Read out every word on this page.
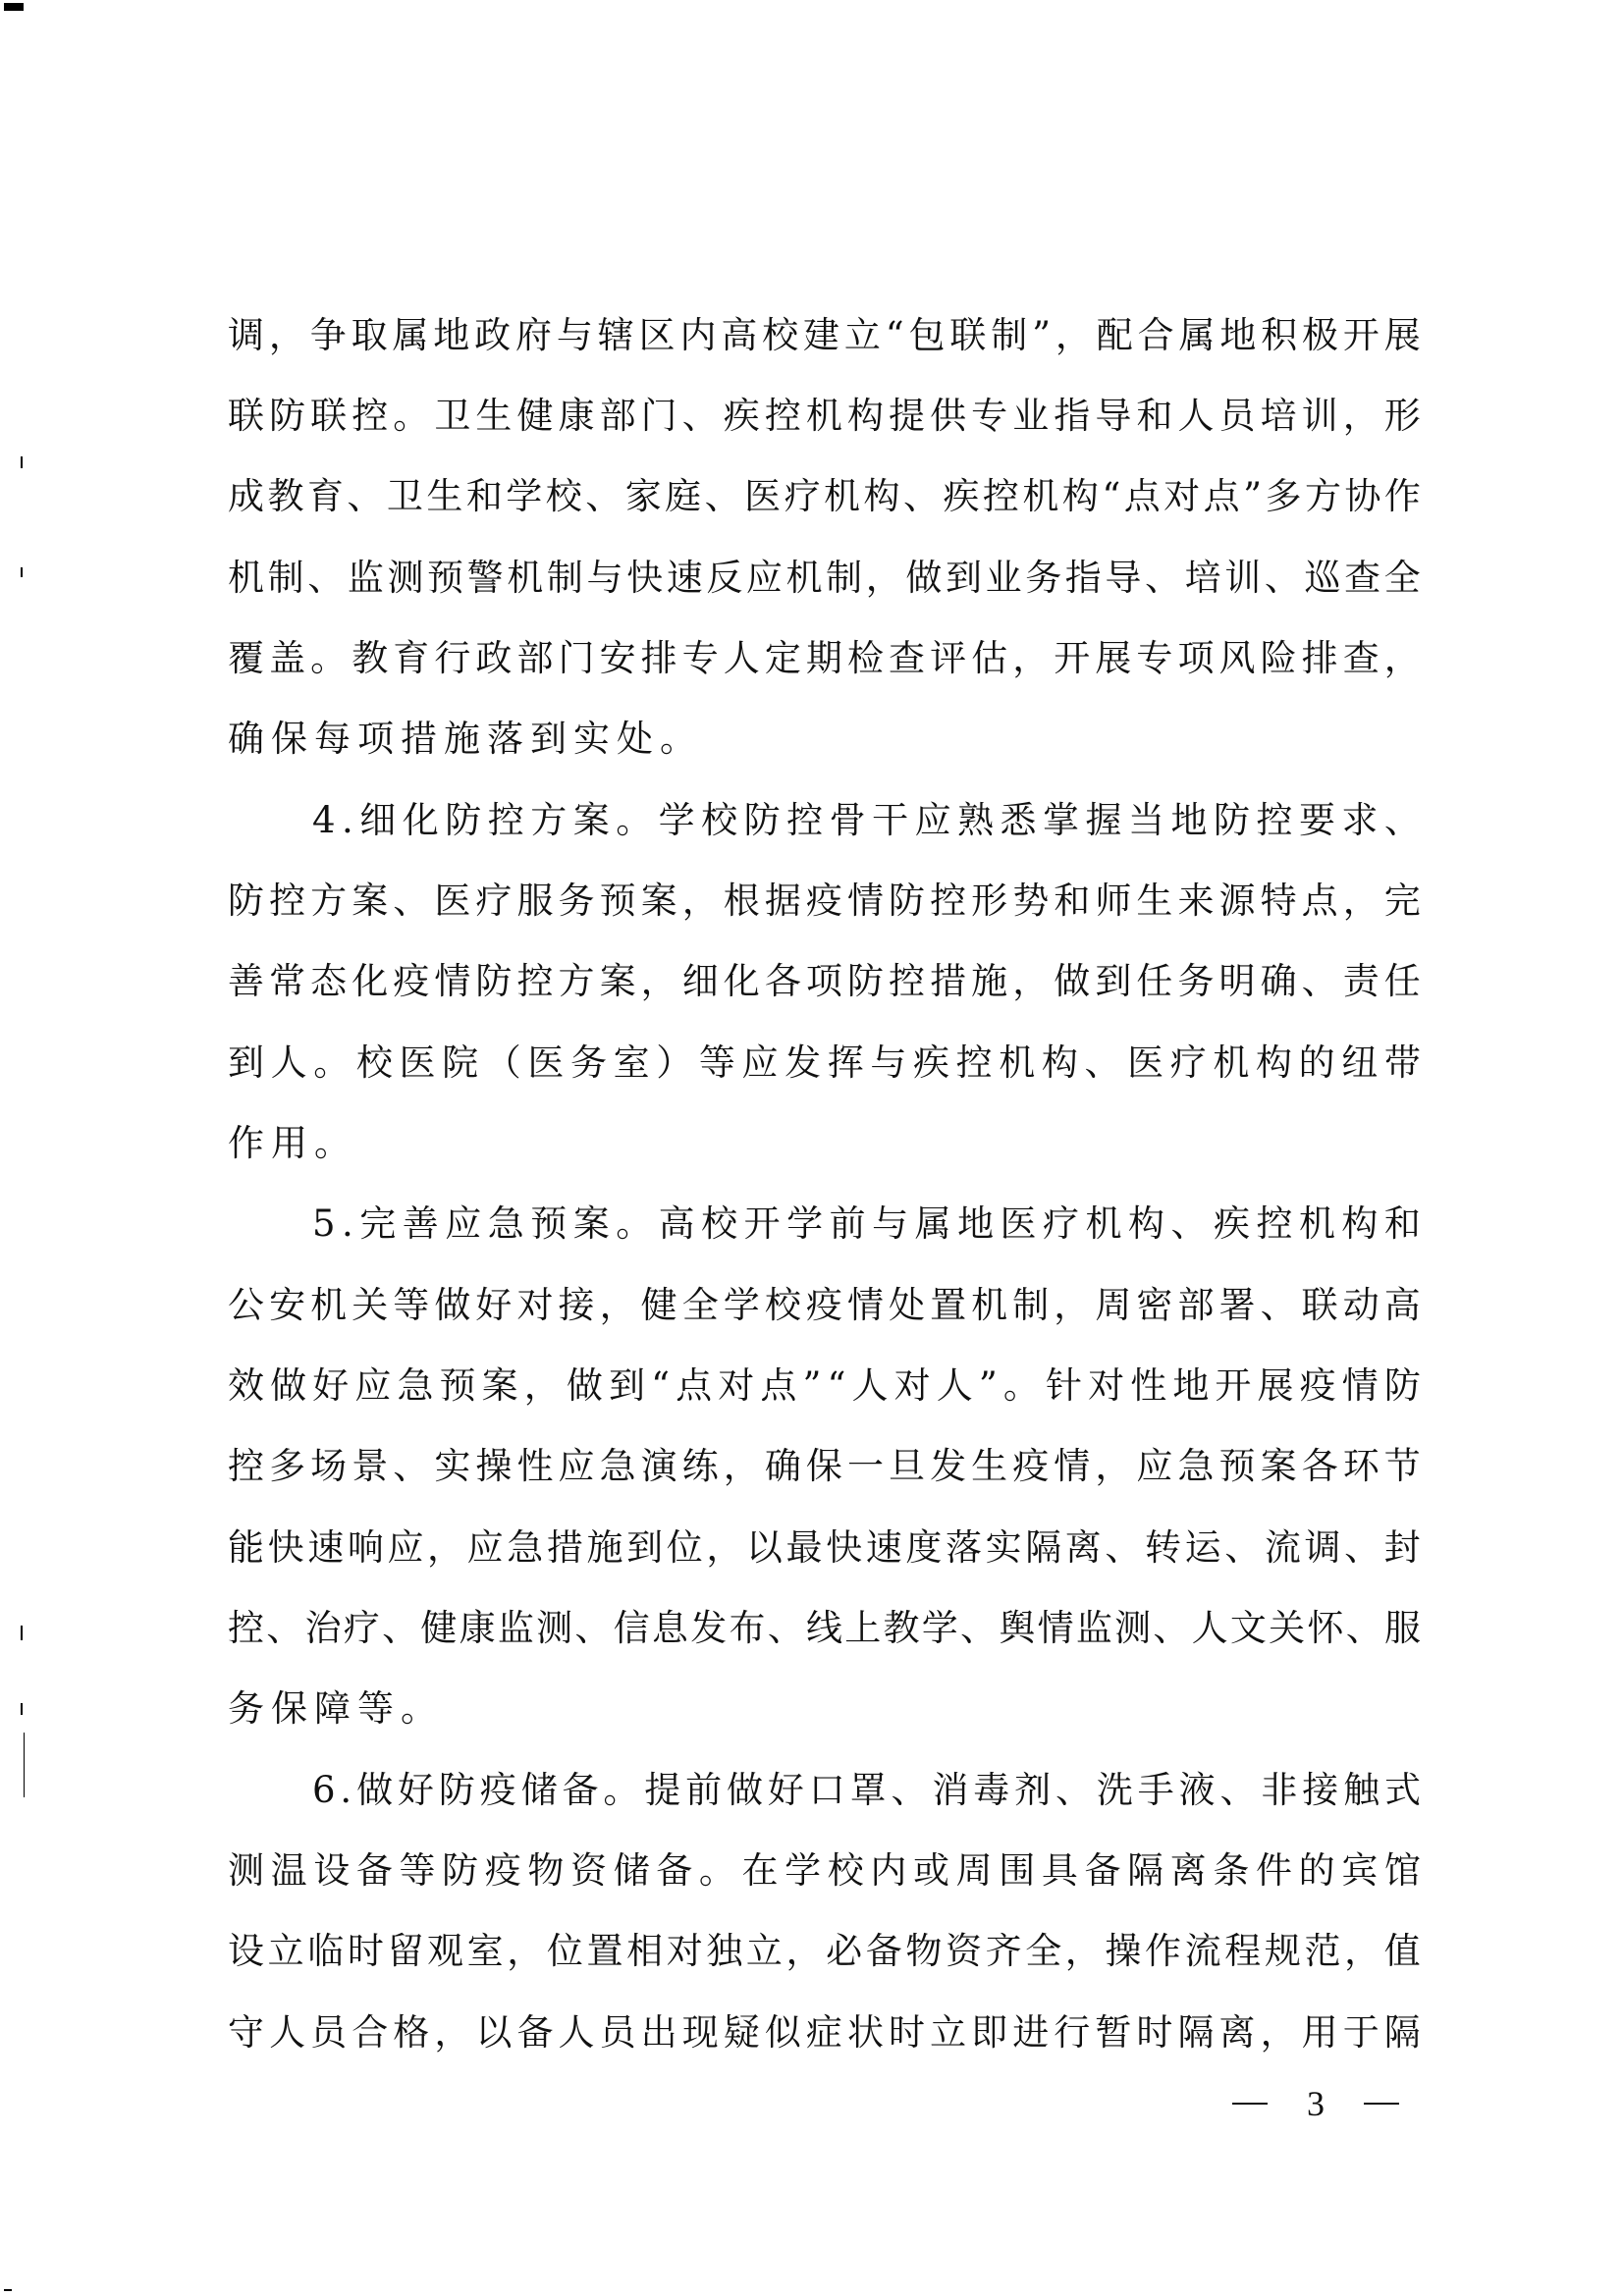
调 ， 争 取 属 地 政 府 与 辖 区 内 高 校 建 立 “ 包 联 制 ” ， 配 合 属 地 积 极 开 展
联 防 联 控 。 卫 生 健 康 部 门 、 疾 控 机 构 提 供 专 业 指 导 和 人 员 培 训 ， 形
成 教 育 、 卫 生 和 学 校 、 家 庭 、 医 疗 机 构 、 疾 控 机 构 “ 点 对 点 ” 多 方 协 作
机 制 、 监 测 预 警 机 制 与 快 速 反 应 机 制 ， 做 到 业 务 指 导 、 培 训 、 巡 查 全
覆 盖 。 教 育 行 政 部 门 安 排 专 人 定 期 检 查 评 估 ， 开 展 专 项 风 险 排 查 ，
确保每项措施落到实处。
4 . 细 化 防 控 方 案 。 学 校 防 控 骨 干 应 熟 悉 掌 握 当 地 防 控 要 求 、
防 控 方 案 、 医 疗 服 务 预 案 ， 根 据 疫 情 防 控 形 势 和 师 生 来 源 特 点 ， 完
善 常 态 化 疫 情 防 控 方 案 ， 细 化 各 项 防 控 措 施 ， 做 到 任 务 明 确 、 责 任
到 人 。 校 医 院 （ 医 务 室 ） 等 应 发 挥 与 疾 控 机 构 、 医 疗 机 构 的 纽 带
作用。
5 . 完 善 应 急 预 案 。 高 校 开 学 前 与 属 地 医 疗 机 构 、 疾 控 机 构 和
公 安 机 关 等 做 好 对 接 ， 健 全 学 校 疫 情 处 置 机 制 ， 周 密 部 署 、 联 动 高
效 做 好 应 急 预 案 ， 做 到 “ 点 对 点 ” “ 人 对 人 ” 。 针 对 性 地 开 展 疫 情 防
控 多 场 景 、 实 操 性 应 急 演 练 ， 确 保 一 旦 发 生 疫 情 ， 应 急 预 案 各 环 节
能 快 速 响 应 ， 应 急 措 施 到 位 ， 以 最 快 速 度 落 实 隔 离 、 转 运 、 流 调 、 封
控 、 治 疗 、 健 康 监 测 、 信 息 发 布 、 线 上 教 学 、 舆 情 监 测 、 人 文 关 怀 、 服
务保障等。
6 . 做 好 防 疫 储 备 。 提 前 做 好 口 罩 、 消 毒 剂 、 洗 手 液 、 非 接 触 式
测 温 设 备 等 防 疫 物 资 储 备 。 在 学 校 内 或 周 围 具 备 隔 离 条 件 的 宾 馆
设 立 临 时 留 观 室 ， 位 置 相 对 独 立 ， 必 备 物 资 齐 全 ， 操 作 流 程 规 范 ， 值
守 人 员 合 格 ， 以 备 人 员 出 现 疑 似 症 状 时 立 即 进 行 暂 时 隔 离 ， 用 于 隔
3
